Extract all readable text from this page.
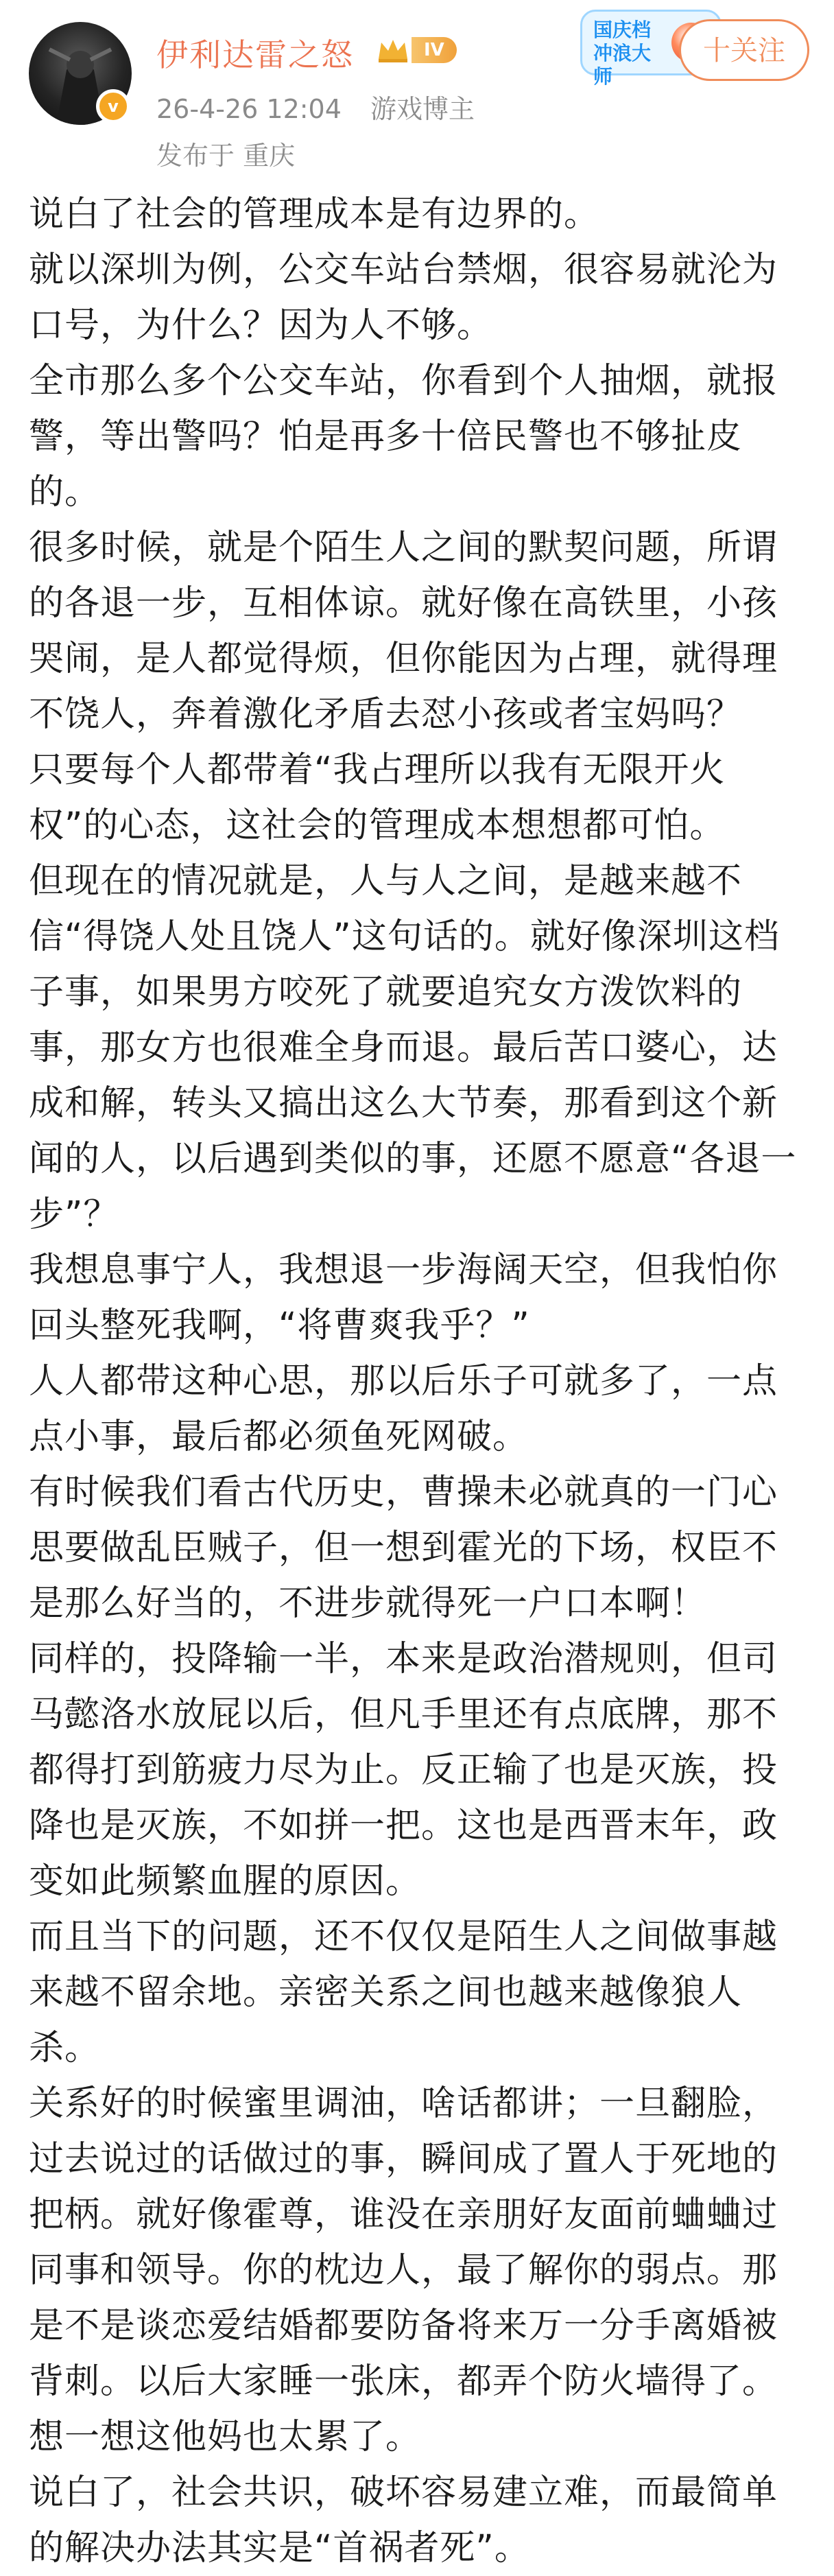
v
伊利达雷之怒	IV
26-4-26 12:04 游戏博主
发布于 重庆
国庆档冲浪大师
十关注

说白了社会的管理成本是有边界的。

就以深圳为例，公交车站台禁烟，很容易就沦为口号，为什么？因为人不够。

全市那么多个公交车站，你看到个人抽烟，就报警，等出警吗？怕是再多十倍民警也不够扯皮的。

很多时候，就是个陌生人之间的默契问题，所谓的各退一步，互相体谅。就好像在高铁里，小孩哭闹，是人都觉得烦，但你能因为占理，就得理不饶人，奔着激化矛盾去怼小孩或者宝妈吗？

只要每个人都带着“我占理所以我有无限开火权”的心态，这社会的管理成本想想都可怕。

但现在的情况就是，人与人之间，是越来越不信“得饶人处且饶人”这句话的。就好像深圳这档子事，如果男方咬死了就要追究女方泼饮料的事，那女方也很难全身而退。最后苦口婆心，达成和解，转头又搞出这么大节奏，那看到这个新闻的人，以后遇到类似的事，还愿不愿意“各退一步”？

我想息事宁人，我想退一步海阔天空，但我怕你回头整死我啊，“将曹爽我乎？”

人人都带这种心思，那以后乐子可就多了，一点点小事，最后都必须鱼死网破。

有时候我们看古代历史，曹操未必就真的一门心思要做乱臣贼子，但一想到霍光的下场，权臣不是那么好当的，不进步就得死一户口本啊！

同样的，投降输一半，本来是政治潜规则，但司马懿洛水放屁以后，但凡手里还有点底牌，那不都得打到筋疲力尽为止。反正输了也是灭族，投降也是灭族，不如拼一把。这也是西晋末年，政变如此频繁血腥的原因。

而且当下的问题，还不仅仅是陌生人之间做事越来越不留余地。亲密关系之间也越来越像狼人杀。

关系好的时候蜜里调油，啥话都讲；一旦翻脸，过去说过的话做过的事，瞬间成了置人于死地的把柄。就好像霍尊，谁没在亲朋好友面前蛐蛐过同事和领导。你的枕边人，最了解你的弱点。那是不是谈恋爱结婚都要防备将来万一分手离婚被背刺。以后大家睡一张床，都弄个防火墙得了。

想一想这他妈也太累了。

说白了，社会共识，破坏容易建立难，而最简单的解决办法其实是“首祸者死”。
